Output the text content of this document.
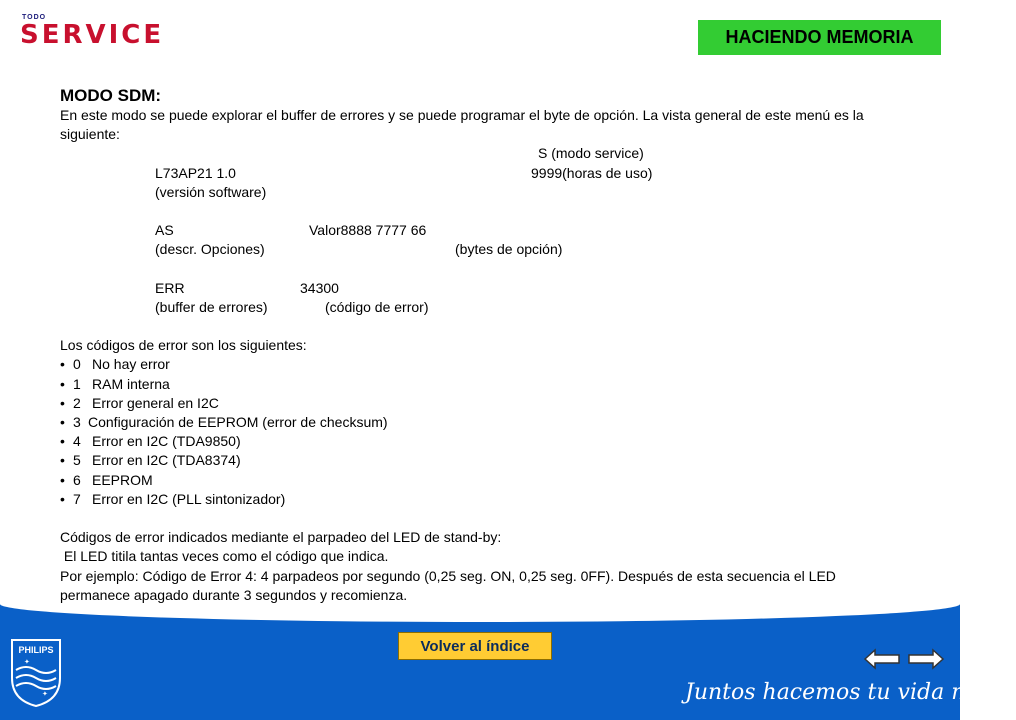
TODO
SERVICE	HACIENDO MEMORIA
MODO SDM:
En este modo se puede explorar el buffer de errores y se puede programar el byte de opción. La vista general de este menú es la siguiente:
S (modo service)
L73AP21 1.0	9999(horas de uso)
(versión software)
AS	Valor8888 7777 66
(descr. Opciones)	(bytes de opción)
ERR	34300
(buffer de errores)	(código de error)
Los códigos de error son los siguientes:
• 0 No hay error
• 1 RAM interna
• 2 Error general en I2C
• 3 Configuración de EEPROM (error de checksum)
• 4 Error en I2C (TDA9850)
• 5 Error en I2C (TDA8374)
• 6 EEPROM
• 7 Error en I2C (PLL sintonizador)
Códigos de error indicados mediante el parpadeo del LED de stand-by:
El LED titila tantas veces como el código que indica.
Por ejemplo: Código de Error 4: 4 parpadeos por segundo (0,25 seg. ON, 0,25 seg. 0FF). Después de esta secuencia el LED permanece apagado durante 3 segundos y recomienza.
PHILIPS
✦
✦	Juntos hacemos tu vida mejor
Volver al índice
